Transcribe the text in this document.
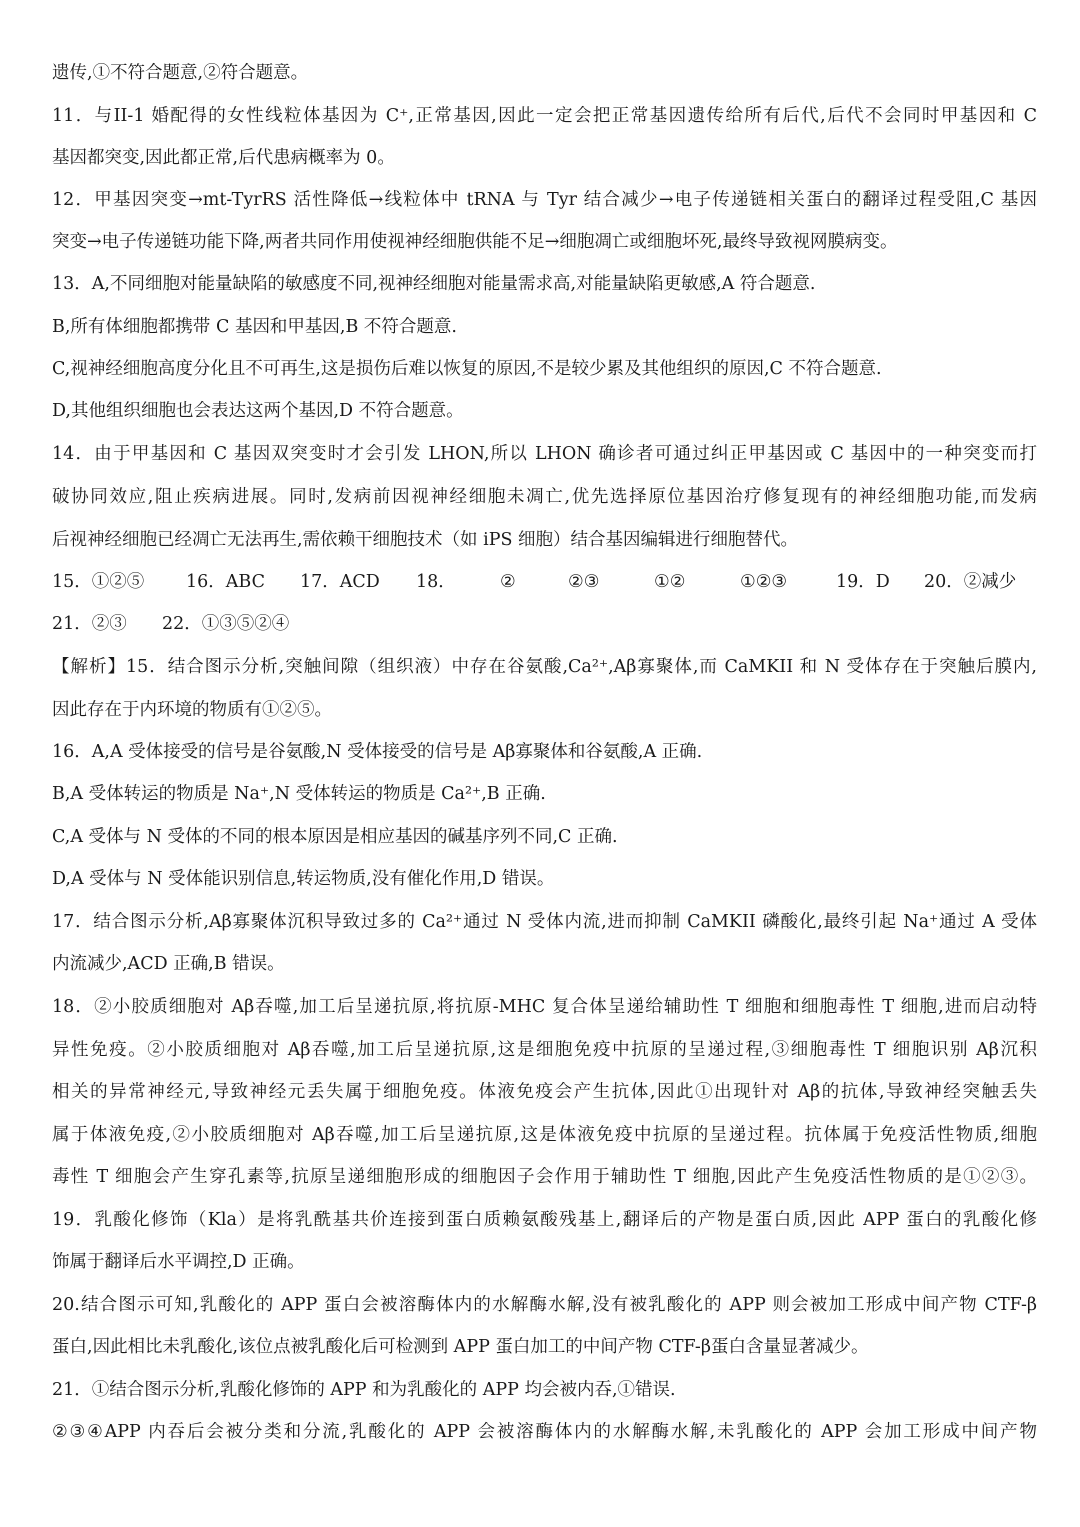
遗传,①不符合题意,②符合题意。
11．与II-1 婚配得的女性线粒体基因为 C⁺,正常基因,因此一定会把正常基因遗传给所有后代,后代不会同时甲基因和 C
基因都突变,因此都正常,后代患病概率为 0。
12．甲基因突变→mt-TyrRS 活性降低→线粒体中 tRNA 与 Tyr 结合减少→电子传递链相关蛋白的翻译过程受阻,C 基因
突变→电子传递链功能下降,两者共同作用使视神经细胞供能不足→细胞凋亡或细胞坏死,最终导致视网膜病变。
13．A,不同细胞对能量缺陷的敏感度不同,视神经细胞对能量需求高,对能量缺陷更敏感,A 符合题意.
B,所有体细胞都携带 C 基因和甲基因,B 不符合题意.
C,视神经细胞高度分化且不可再生,这是损伤后难以恢复的原因,不是较少累及其他组织的原因,C 不符合题意.
D,其他组织细胞也会表达这两个基因,D 不符合题意。
14．由于甲基因和 C 基因双突变时才会引发 LHON,所以 LHON 确诊者可通过纠正甲基因或 C 基因中的一种突变而打
破协同效应,阻止疾病进展。同时,发病前因视神经细胞未凋亡,优先选择原位基因治疗修复现有的神经细胞功能,而发病
后视神经细胞已经凋亡无法再生,需依赖干细胞技术（如 iPS 细胞）结合基因编辑进行细胞替代。
15．①②⑤ 16．ABC 17．ACD 18．	②	②③	①②	①②③	19．D 20．②减少
21．②③ 22．①③⑤②④
【解析】15．结合图示分析,突触间隙（组织液）中存在谷氨酸,Ca²⁺,Aβ寡聚体,而 CaMKII 和 N 受体存在于突触后膜内,
因此存在于内环境的物质有①②⑤。
16．A,A 受体接受的信号是谷氨酸,N 受体接受的信号是 Aβ寡聚体和谷氨酸,A 正确.
B,A 受体转运的物质是 Na⁺,N 受体转运的物质是 Ca²⁺,B 正确.
C,A 受体与 N 受体的不同的根本原因是相应基因的碱基序列不同,C 正确.
D,A 受体与 N 受体能识别信息,转运物质,没有催化作用,D 错误。
17．结合图示分析,Aβ寡聚体沉积导致过多的 Ca²⁺通过 N 受体内流,进而抑制 CaMKII 磷酸化,最终引起 Na⁺通过 A 受体
内流减少,ACD 正确,B 错误。
18．②小胶质细胞对 Aβ吞噬,加工后呈递抗原,将抗原-MHC 复合体呈递给辅助性 T 细胞和细胞毒性 T 细胞,进而启动特
异性免疫。②小胶质细胞对 Aβ吞噬,加工后呈递抗原,这是细胞免疫中抗原的呈递过程,③细胞毒性 T 细胞识别 Aβ沉积
相关的异常神经元,导致神经元丢失属于细胞免疫。体液免疫会产生抗体,因此①出现针对 Aβ的抗体,导致神经突触丢失
属于体液免疫,②小胶质细胞对 Aβ吞噬,加工后呈递抗原,这是体液免疫中抗原的呈递过程。抗体属于免疫活性物质,细胞
毒性 T 细胞会产生穿孔素等,抗原呈递细胞形成的细胞因子会作用于辅助性 T 细胞,因此产生免疫活性物质的是①②③。
19．乳酸化修饰（Kla）是将乳酰基共价连接到蛋白质赖氨酸残基上,翻译后的产物是蛋白质,因此 APP 蛋白的乳酸化修
饰属于翻译后水平调控,D 正确。
20.结合图示可知,乳酸化的 APP 蛋白会被溶酶体内的水解酶水解,没有被乳酸化的 APP 则会被加工形成中间产物 CTF-β
蛋白,因此相比未乳酸化,该位点被乳酸化后可检测到 APP 蛋白加工的中间产物 CTF-β蛋白含量显著减少。
21．①结合图示分析,乳酸化修饰的 APP 和为乳酸化的 APP 均会被内吞,①错误.
②③④APP 内吞后会被分类和分流,乳酸化的 APP 会被溶酶体内的水解酶水解,未乳酸化的 APP 会加工形成中间产物
